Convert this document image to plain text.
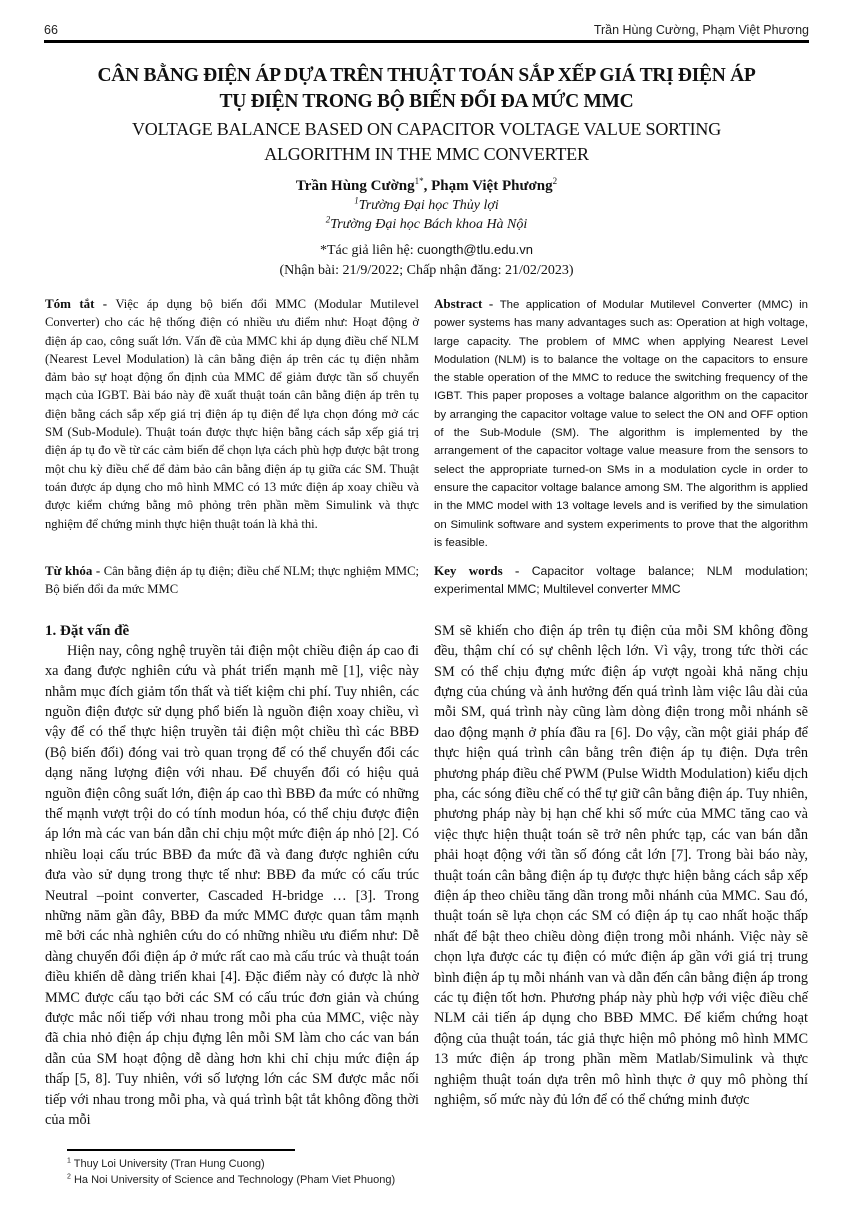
66	Trần Hùng Cường, Phạm Việt Phương
CÂN BẰNG ĐIỆN ÁP DỰA TRÊN THUẬT TOÁN SẮP XẾP GIÁ TRỊ ĐIỆN ÁP
TỤ ĐIỆN TRONG BỘ BIẾN ĐỔI ĐA MỨC MMC
VOLTAGE BALANCE BASED ON CAPACITOR VOLTAGE VALUE SORTING
ALGORITHM IN THE MMC CONVERTER
Trần Hùng Cường$^{1*}$, Phạm Việt Phương$^2$
$^1$Trường Đại học Thủy lợi
$^2$Trường Đại học Bách khoa Hà Nội
*Tác giả liên hệ: cuongth@tlu.edu.vn
(Nhận bài: 21/9/2022; Chấp nhận đăng: 21/02/2023)
Tóm tắt - Việc áp dụng bộ biến đổi MMC (Modular Mutilevel Converter) cho các hệ thống điện có nhiều ưu điểm như: Hoạt động ở điện áp cao, công suất lớn. Vấn đề của MMC khi áp dụng điều chế NLM (Nearest Level Modulation) là cân bằng điện áp trên các tụ điện nhằm đảm bảo sự hoạt động ổn định của MMC để giảm được tần số chuyển mạch của IGBT. Bài báo này đề xuất thuật toán cân bằng điện áp trên tụ điện bằng cách sắp xếp giá trị điện áp tụ điện để lựa chọn đóng mở các SM (Sub-Module). Thuật toán được thực hiện bằng cách sắp xếp giá trị điện áp tụ đo về từ các cảm biến để chọn lựa cách phù hợp được bật trong một chu kỳ điều chế để đảm bảo cân bằng điện áp tụ giữa các SM. Thuật toán được áp dụng cho mô hình MMC có 13 mức điện áp xoay chiều và được kiểm chứng bằng mô phỏng trên phần mềm Simulink và thực nghiệm để chứng minh thực hiện thuật toán là khả thi.
Abstract - The application of Modular Mutilevel Converter (MMC) in power systems has many advantages such as: Operation at high voltage, large capacity. The problem of MMC when applying Nearest Level Modulation (NLM) is to balance the voltage on the capacitors to ensure the stable operation of the MMC to reduce the switching frequency of the IGBT. This paper proposes a voltage balance algorithm on the capacitor by arranging the capacitor voltage value to select the ON and OFF option of the Sub-Module (SM). The algorithm is implemented by the arrangement of the capacitor voltage value measure from the sensors to select the appropriate turned-on SMs in a modulation cycle in order to ensure the capacitor voltage balance among SM. The algorithm is applied in the MMC model with 13 voltage levels and is verified by the simulation on Simulink software and system experiments to prove that the algorithm is feasible.
Từ khóa - Cân bằng điện áp tụ điện; điều chế NLM; thực nghiệm MMC; Bộ biến đổi đa mức MMC
Key words - Capacitor voltage balance; NLM modulation; experimental MMC; Multilevel converter MMC
1. Đặt vấn đề

Hiện nay, công nghệ truyền tải điện một chiều điện áp cao đi xa đang được nghiên cứu và phát triển mạnh mẽ [1], việc này nhằm mục đích giảm tổn thất và tiết kiệm chi phí. Tuy nhiên, các nguồn điện được sử dụng phổ biến là nguồn điện xoay chiều, vì vậy để có thể thực hiện truyền tải điện một chiều thì các BBĐ (Bộ biến đổi) đóng vai trò quan trọng để có thể chuyển đổi các dạng năng lượng điện với nhau. Để chuyển đổi có hiệu quả nguồn điện công suất lớn, điện áp cao thì BBĐ đa mức có những thế mạnh vượt trội do có tính modun hóa, có thể chịu được điện áp lớn mà các van bán dẫn chỉ chịu một mức điện áp nhỏ [2]. Có nhiều loại cấu trúc BBĐ đa mức đã và đang được nghiên cứu đưa vào sử dụng trong thực tế như: BBĐ đa mức có cấu trúc Neutral –point converter, Cascaded H-bridge … [3]. Trong những năm gần đây, BBĐ đa mức MMC được quan tâm mạnh mẽ bởi các nhà nghiên cứu do có những nhiều ưu điểm như: Dễ dàng chuyển đổi điện áp ở mức rất cao mà cấu trúc và thuật toán điều khiển dễ dàng triển khai [4]. Đặc điểm này có được là nhờ MMC được cấu tạo bởi các SM có cấu trúc đơn giản và chúng được mắc nối tiếp với nhau trong mỗi pha của MMC, việc này đã chia nhỏ điện áp chịu đựng lên mỗi SM làm cho các van bán dẫn của SM hoạt động dễ dàng hơn khi chỉ chịu mức điện áp thấp [5, 8]. Tuy nhiên, với số lượng lớn các SM được mắc nối tiếp với nhau trong mỗi pha, và quá trình bật tắt không đồng thời của mỗi

SM sẽ khiến cho điện áp trên tụ điện của mỗi SM không đồng đều, thậm chí có sự chênh lệch lớn. Vì vậy, trong tức thời các SM có thể chịu đựng mức điện áp vượt ngoài khả năng chịu đựng của chúng và ảnh hưởng đến quá trình làm việc lâu dài của mỗi SM, quá trình này cũng làm dòng điện trong mỗi nhánh sẽ dao động mạnh ở phía đầu ra [6]. Do vậy, cần một giải pháp để thực hiện quá trình cân bằng trên điện áp tụ điện. Dựa trên phương pháp điều chế PWM (Pulse Width Modulation) kiểu dịch pha, các sóng điều chế có thể tự giữ cân bằng điện áp. Tuy nhiên, phương pháp này bị hạn chế khi số mức của MMC tăng cao và việc thực hiện thuật toán sẽ trở nên phức tạp, các van bán dẫn phải hoạt động với tần số đóng cắt lớn [7]. Trong bài báo này, thuật toán cân bằng điện áp tụ được thực hiện bằng cách sắp xếp điện áp theo chiều tăng dần trong mỗi nhánh của MMC. Sau đó, thuật toán sẽ lựa chọn các SM có điện áp tụ cao nhất hoặc thấp nhất để bật theo chiều dòng điện trong mỗi nhánh. Việc này sẽ chọn lựa được các tụ điện có mức điện áp gần với giá trị trung bình điện áp tụ mỗi nhánh van và dẫn đến cân bằng điện áp trong các tụ điện tốt hơn. Phương pháp này phù hợp với việc điều chế NLM cải tiến áp dụng cho BBĐ MMC. Để kiểm chứng hoạt động của thuật toán, tác giả thực hiện mô phỏng mô hình MMC 13 mức điện áp trong phần mềm Matlab/Simulink và thực nghiệm thuật toán dựa trên mô hình thực ở quy mô phòng thí nghiệm, số mức này đủ lớn để có thể chứng minh được

$^1$ Thuy Loi University (Tran Hung Cuong)
$^2$ Ha Noi University of Science and Technology (Pham Viet Phuong)
